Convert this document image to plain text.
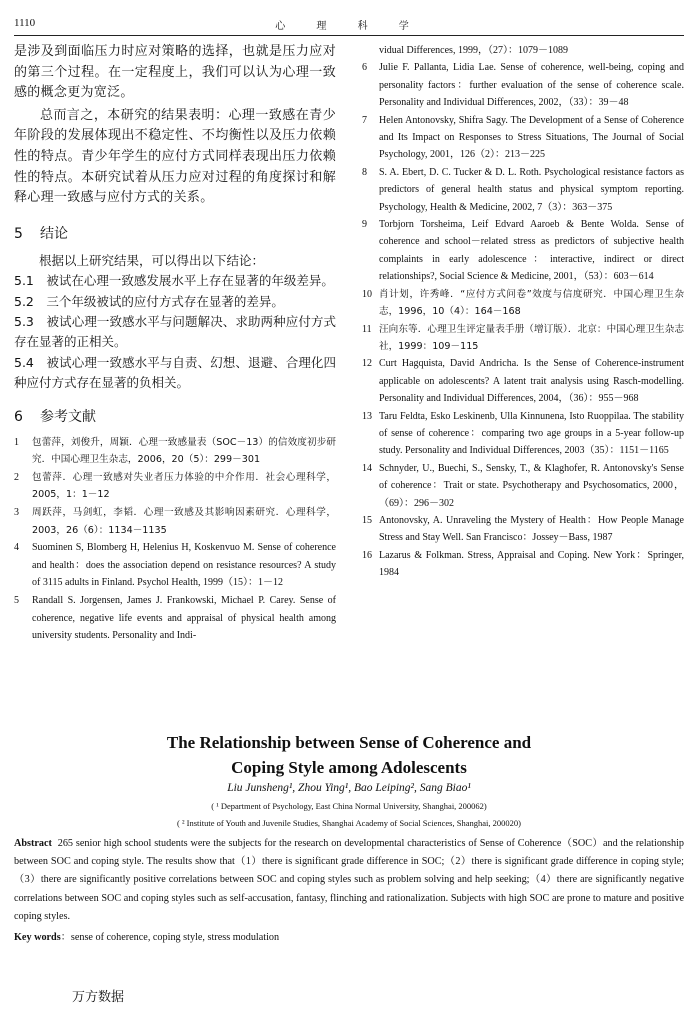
1110	心 理 科 学

是涉及到面临压力时应对策略的选择，也就是压力应对的第三个过程。在一定程度上，我们可以认为心理一致感的概念更为宽泛。

总而言之，本研究的结果表明：心理一致感在青少年阶段的发展体现出不稳定性、不均衡性以及压力依赖性的特点。青少年学生的应付方式同样表现出压力依赖性的特点。本研究试着从压力应对过程的角度探讨和解释心理一致感与应付方式的关系。

5 结论

根据以上研究结果，可以得出以下结论：

5.1　被试在心理一致感发展水平上存在显著的年级差异。

5.2　三个年级被试的应付方式存在显著的差异。

5.3　被试心理一致感水平与问题解决、求助两种应付方式存在显著的正相关。

5.4　被试心理一致感水平与自责、幻想、退避、合理化四种应付方式存在显著的负相关。

6 参考文献
1 包蕾萍，刘俊升，周颖．心理一致感量表（SOC－13）的信效度初步研究．中国心理卫生杂志，2006，20（5）：299－301
2 包蕾萍．心理一致感对失业者压力体验的中介作用．社会心理科学，2005，1：1－12
3 周跃萍，马剑虹，李韬．心理一致感及其影响因素研究．心理科学，2003，26（6）：1134－1135
4 Suominen S, Blomberg H, Helenius H, Koskenvuo M. Sense of coherence and health：does the association depend on resistance resources? A study of 3115 adults in Finland. Psychol Health, 1999（15）：1－12
5 Randall S. Jorgensen, James J. Frankowski, Michael P. Carey. Sense of coherence, negative life events and appraisal of physical health among university students. Personality and Indi-
vidual Differences, 1999，（27）：1079－1089
6 Julie F. Pallanta, Lidia Lae. Sense of coherence, well-being, coping and personality factors：further evaluation of the sense of coherence scale. Personality and Individual Differences, 2002，（33）：39－48
7 Helen Antonovsky, Shifra Sagy. The Development of a Sense of Coherence and Its Impact on Responses to Stress Situations, The Journal of Social Psychology, 2001，126（2）：213－225
8 S. A. Ebert, D. C. Tucker & D. L. Roth. Psychological resistance factors as predictors of general health status and physical symptom reporting. Psychology, Health & Medicine, 2002, 7（3）：363－375
9 Torbjorn Torsheima, Leif Edvard Aaroeb & Bente Wolda. Sense of coherence and school－related stress as predictors of subjective health complaints in early adolescence：interactive, indirect or direct relationships?, Social Science & Medicine, 2001，（53）：603－614
10 肖计划，许秀峰．“应付方式问卷”效度与信度研究．中国心理卫生杂志，1996，10（4）：164－168
11 汪向东等．心理卫生评定量表手册（增订版）．北京：中国心理卫生杂志社，1999：109－115
12 Curt Hagquista, David Andricha. Is the Sense of Coherence-instrument applicable on adolescents? A latent trait analysis using Rasch-modelling. Personality and Individual Differences, 2004，（36）：955－968
13 Taru Feldta, Esko Leskinenb, Ulla Kinnunena, Isto Ruoppilaa. The stability of sense of coherence：comparing two age groups in a 5-year follow-up study. Personality and Individual Differences, 2003（35）：1151－1165
14 Schnyder, U., Buechi, S., Sensky, T., & Klaghofer, R. Antonovsky's Sense of coherence：Trait or state. Psychotherapy and Psychosomatics, 2000，（69）：296－302
15 Antonovsky, A. Unraveling the Mystery of Health：How People Manage Stress and Stay Well. San Francisco：Jossey－Bass, 1987
16 Lazarus & Folkman. Stress, Appraisal and Coping. New York：Springer, 1984
The Relationship between Sense of Coherence and
Coping Style among Adolescents
Liu Junsheng¹, Zhou Ying¹, Bao Leiping², Sang Biao¹
( ¹ Department of Psychology, East China Normal University, Shanghai, 200062)
( ² Institute of Youth and Juvenile Studies, Shanghai Academy of Social Sciences, Shanghai, 200020)
Abstract 265 senior high school students were the subjects for the research on developmental characteristics of Sense of Coherence（SOC）and the relationship between SOC and coping style. The results show that（1）there is significant grade difference in SOC;（2）there is significant grade difference in coping style;（3）there are significantly positive correlations between SOC and coping styles such as problem solving and help seeking;（4）there are significantly negative correlations between SOC and coping styles such as self-accusation, fantasy, flinching and rationalization. Subjects with high SOC are prone to mature and positive coping styles.
Key words：sense of coherence, coping style, stress modulation
万方数据
